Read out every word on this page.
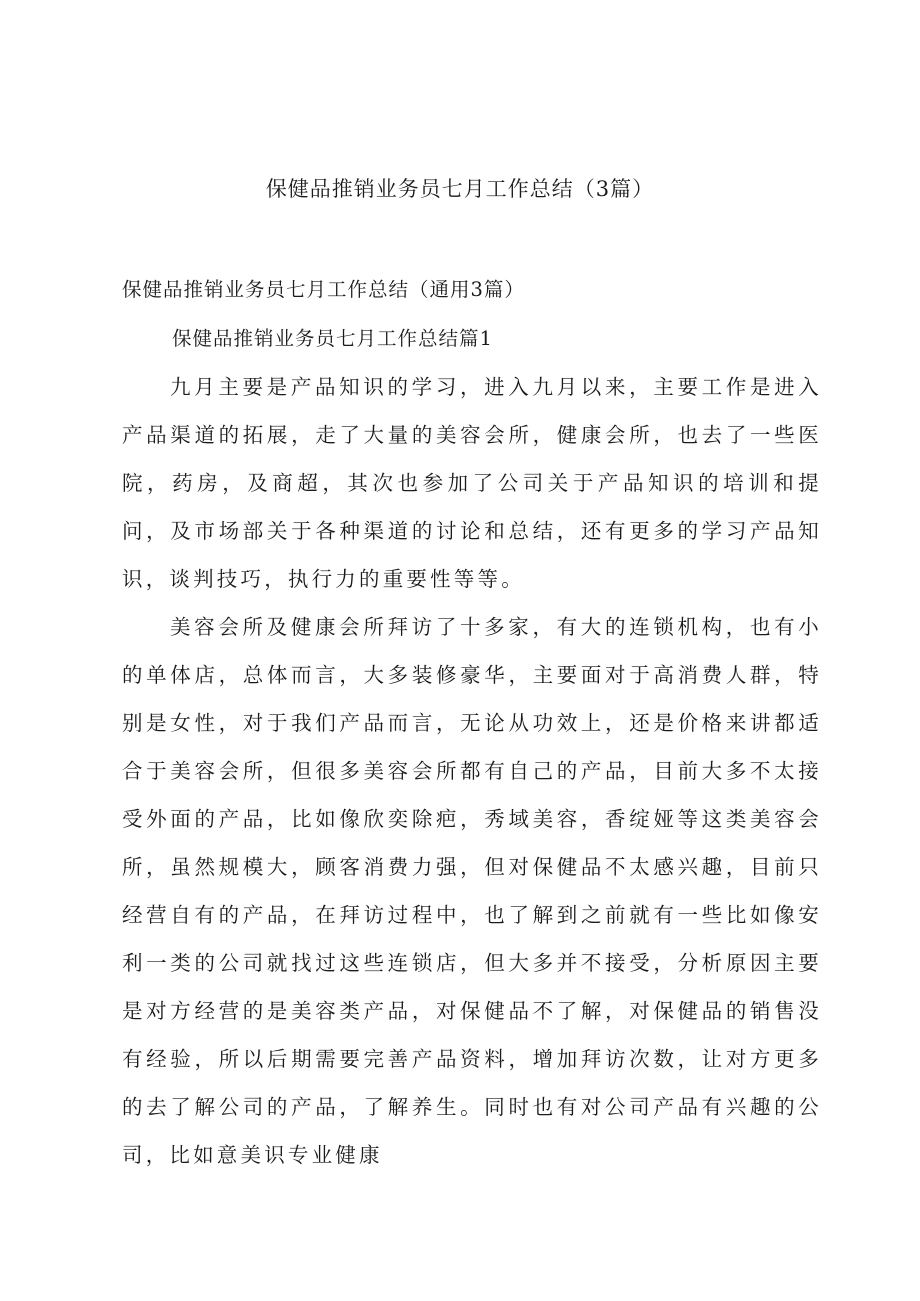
保健品推销业务员七月工作总结（3篇）

保健品推销业务员七月工作总结（通用3篇）

保健品推销业务员七月工作总结篇1

九月主要是产品知识的学习，进入九月以来，主要工作是进入产品渠道的拓展，走了大量的美容会所，健康会所，也去了一些医院，药房，及商超，其次也参加了公司关于产品知识的培训和提问，及市场部关于各种渠道的讨论和总结，还有更多的学习产品知识，谈判技巧，执行力的重要性等等。

美容会所及健康会所拜访了十多家，有大的连锁机构，也有小的单体店，总体而言，大多装修豪华，主要面对于高消费人群，特别是女性，对于我们产品而言，无论从功效上，还是价格来讲都适合于美容会所，但很多美容会所都有自己的产品，目前大多不太接受外面的产品，比如像欣奕除疤，秀域美容，香绽娅等这类美容会所，虽然规模大，顾客消费力强，但对保健品不太感兴趣，目前只经营自有的产品，在拜访过程中，也了解到之前就有一些比如像安利一类的公司就找过这些连锁店，但大多并不接受，分析原因主要是对方经营的是美容类产品，对保健品不了解，对保健品的销售没有经验，所以后期需要完善产品资料，增加拜访次数，让对方更多的去了解公司的产品，了解养生。同时也有对公司产品有兴趣的公司，比如意美识专业健康
